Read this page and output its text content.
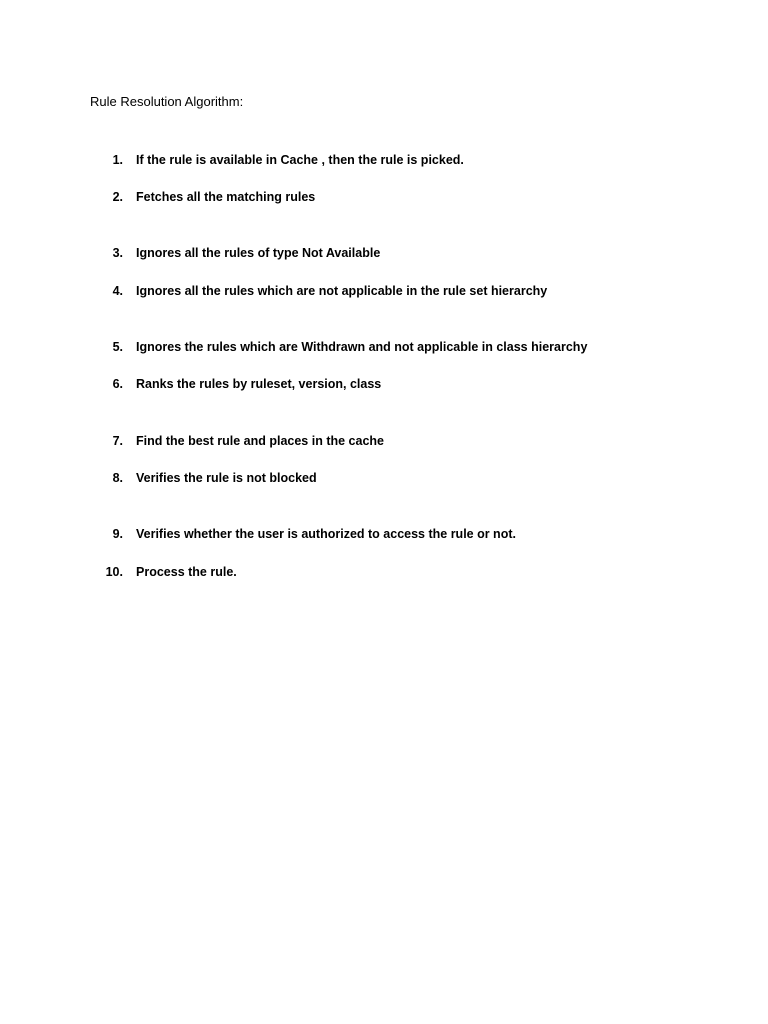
Rule Resolution Algorithm:
1. If the rule is available in Cache , then the rule is picked.
2. Fetches all the matching rules
3. Ignores all the rules of type Not Available
4. Ignores all the rules which are not applicable in the rule set hierarchy
5. Ignores the rules which are Withdrawn and not applicable in class hierarchy
6. Ranks the rules by ruleset, version, class
7. Find the best rule and places in the cache
8. Verifies the rule is not blocked
9. Verifies whether the user is authorized to access the rule or not.
10. Process the rule.
